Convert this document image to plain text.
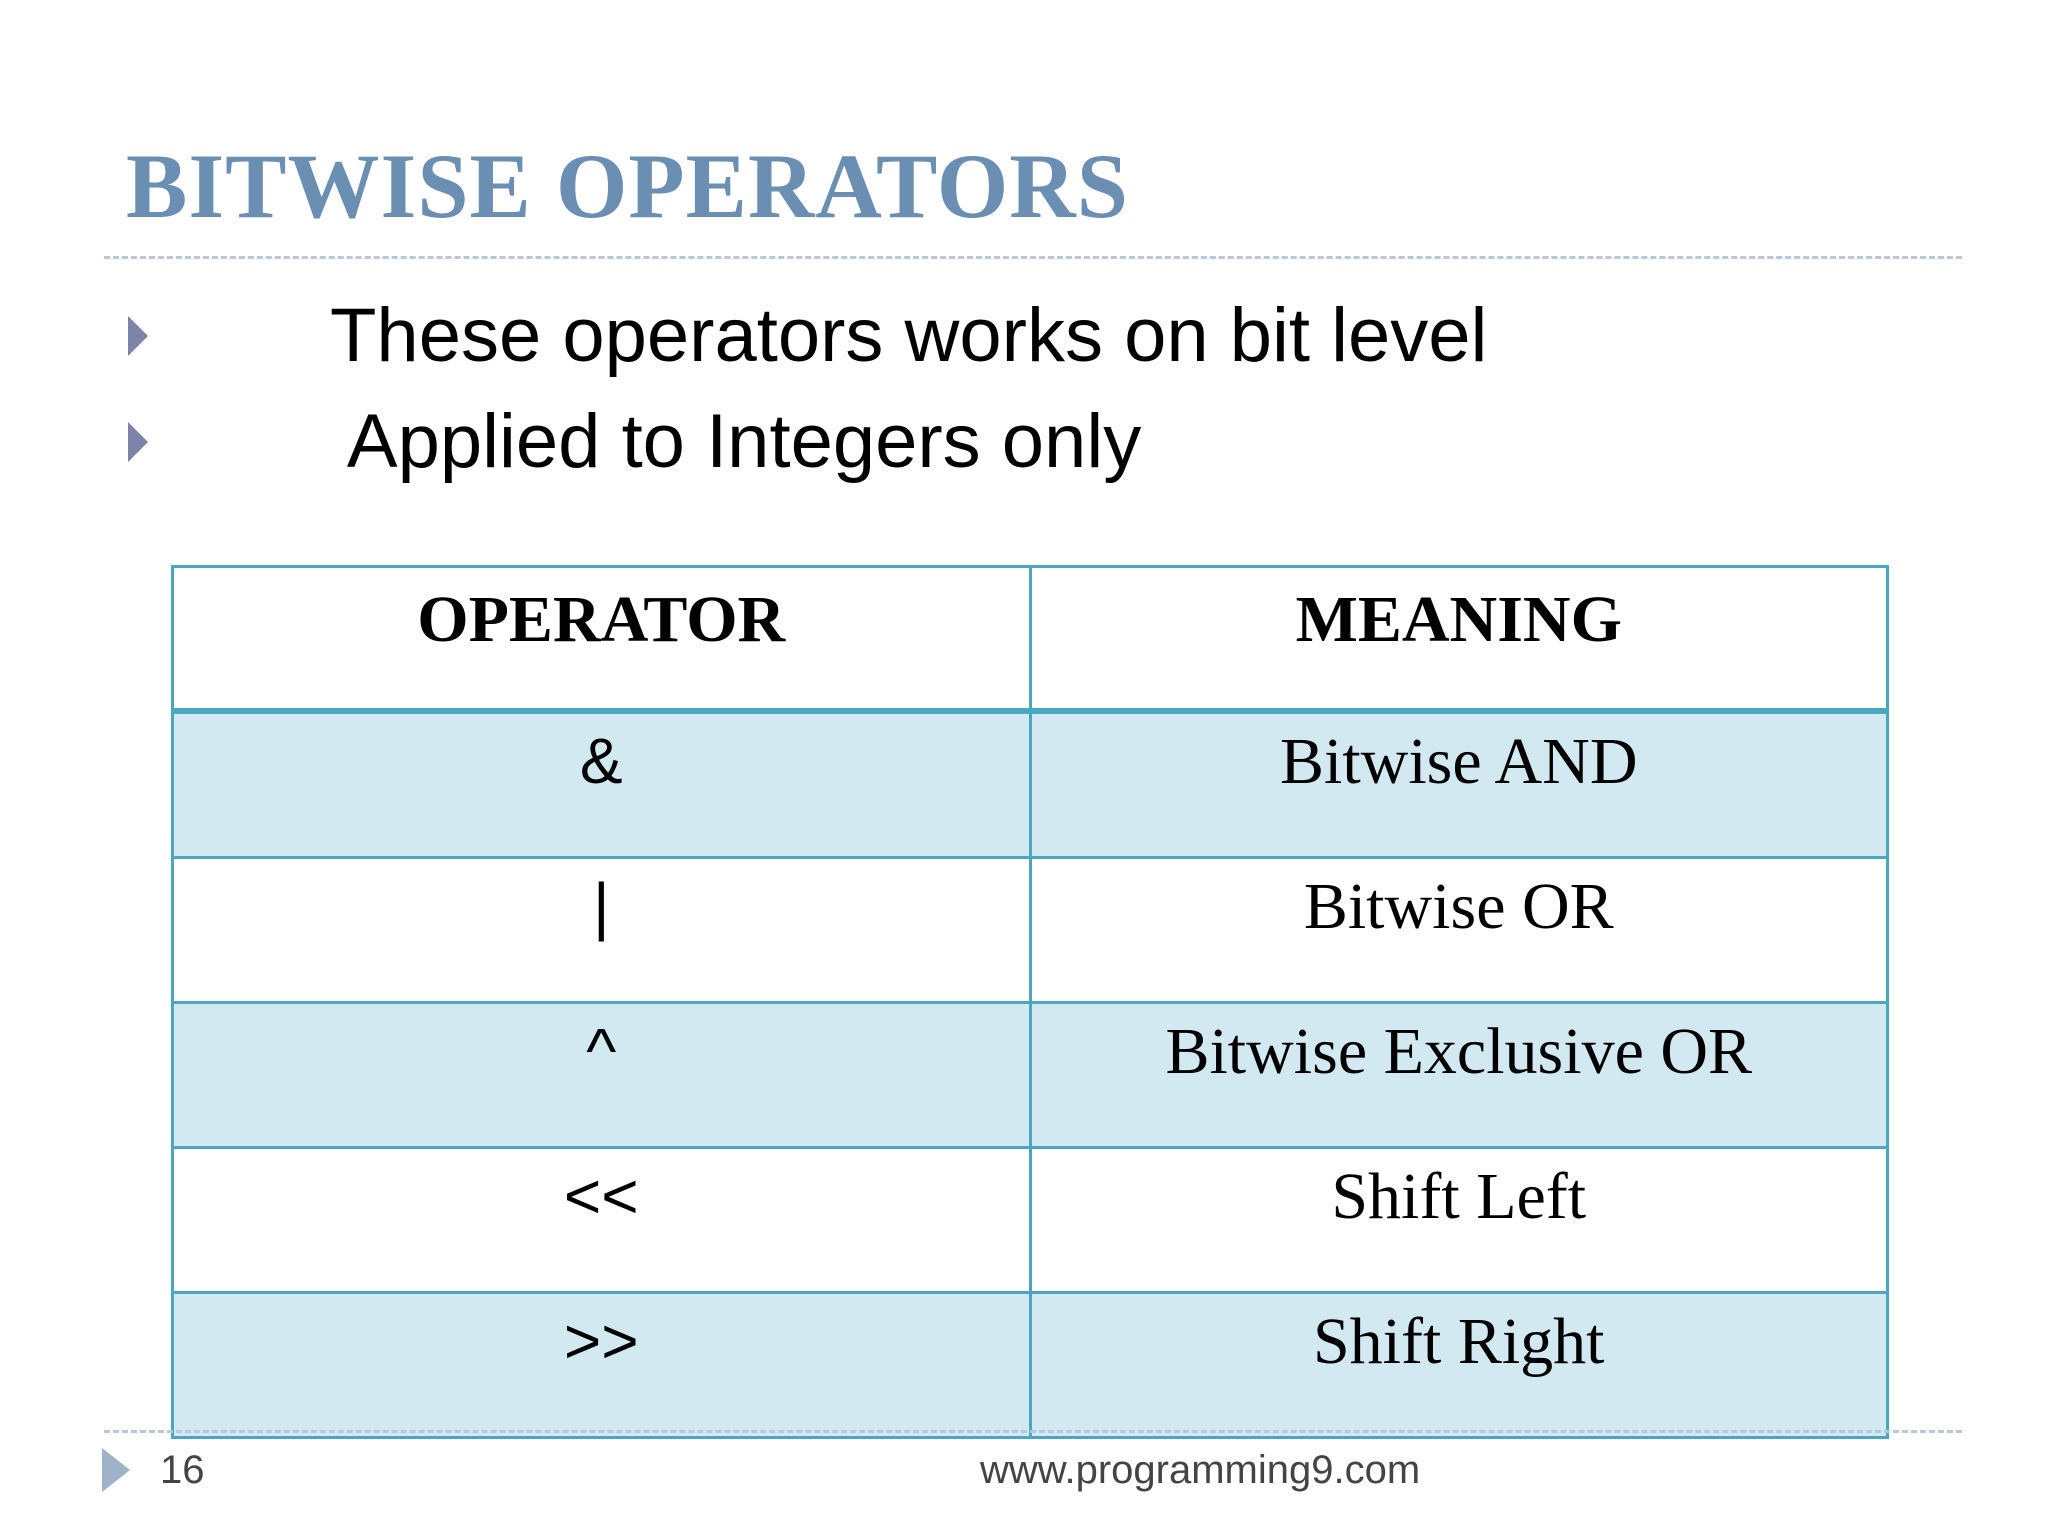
BITWISE OPERATORS
These operators works on bit level
Applied to Integers only
OPERATOR	MEANING
&	Bitwise AND
|	Bitwise OR
^	Bitwise Exclusive OR
<<	Shift Left
>>	Shift Right
16	www.programming9.com
